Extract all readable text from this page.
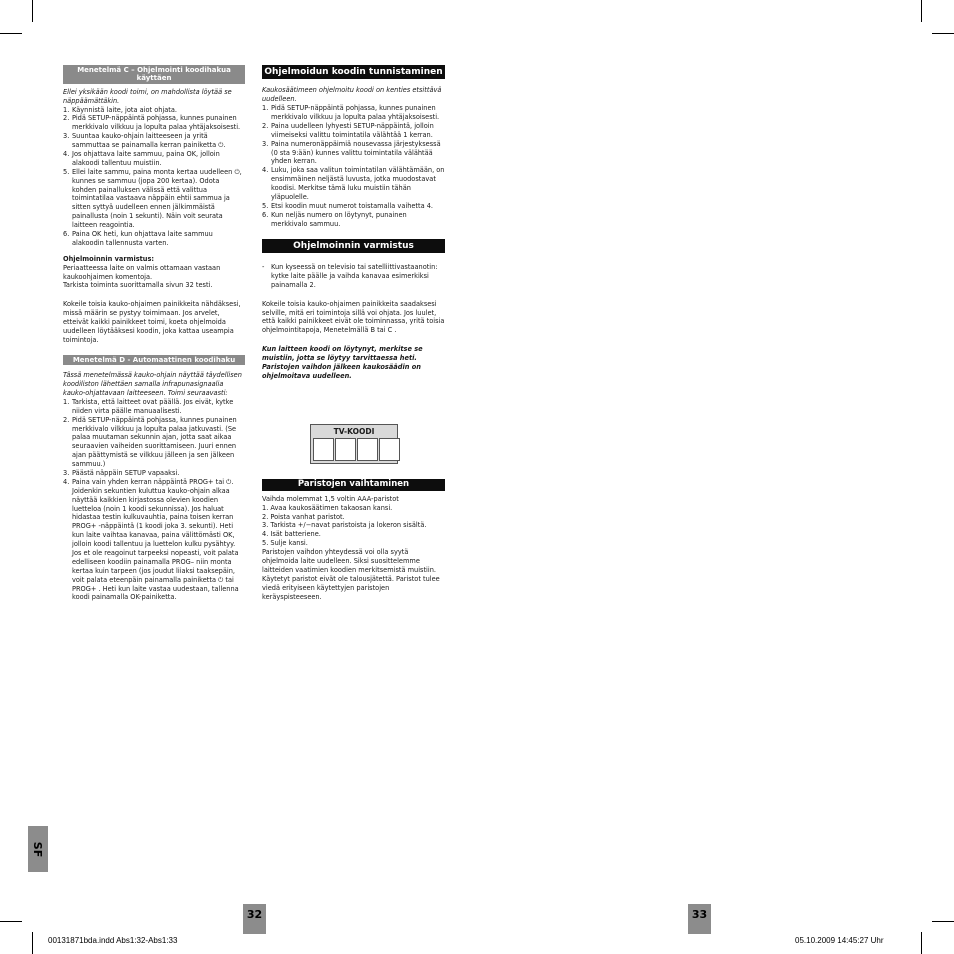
Menetelmä C – Ohjelmointi koodihakua käyttäen

Ellei yksikään koodi toimi, on mahdollista löytää se näppäämättäkin.

1. Käynnistä laite, jota aiot ohjata.
2. Pidä SETUP-näppäintä pohjassa, kunnes punainen merkkivalo vilkkuu ja lopulta palaa yhtäjaksoisesti.
3. Suuntaa kauko-ohjain laitteeseen ja yritä sammuttaa se painamalla kerran painiketta ⏻.
4. Jos ohjattava laite sammuu, paina OK, jolloin alakoodi tallentuu muistiin.
5. Ellei laite sammu, paina monta kertaa uudelleen ⏻, kunnes se sammuu (jopa 200 kertaa). Odota kohden painalluksen välissä että valittua toimintatilaa vastaava näppäin ehtii sammua ja sitten syttyä uudelleen ennen jälkimmäistä painallusta (noin 1 sekunti). Näin voit seurata laitteen reagointia.
6. Paina OK heti, kun ohjattava laite sammuu alakoodin tallennusta varten.

Ohjelmoinnin varmistus:

Periaatteessa laite on valmis ottamaan vastaan kaukoohjaimen komentoja.

Tarkista toiminta suorittamalla sivun 32 testi.

Kokeile toisia kauko-ohjaimen painikkeita nähdäksesi, missä määrin se pystyy toimimaan. Jos arvelet, etteivät kaikki painikkeet toimi, koeta ohjelmoida uudelleen löytääksesi koodin, joka kattaa useampia toimintoja.

Menetelmä D - Automaattinen koodihaku

Tässä menetelmässä kauko-ohjain näyttää täydellisen koodiliston lähettäen samalla infrapunasignaalia kauko-ohjattavaan laitteeseen. Toimi seuraavasti:

1. Tarkista, että laitteet ovat päällä. Jos eivät, kytke niiden virta päälle manuaalisesti.
2. Pidä SETUP-näppäintä pohjassa, kunnes punainen merkkivalo vilkkuu ja lopulta palaa jatkuvasti. (Se palaa muutaman sekunnin ajan, jotta saat aikaa seuraavien vaiheiden suorittamiseen. Juuri ennen ajan päättymistä se vilkkuu jälleen ja sen jälkeen sammuu.)
3. Päästä näppäin SETUP vapaaksi.
4. Paina vain yhden kerran näppäintä PROG+ tai ⏻. Joidenkin sekuntien kuluttua kauko-ohjain alkaa näyttää kaikkien kirjastossa olevien koodien luetteloa (noin 1 koodi sekunnissa). Jos haluat hidastaa testin kulkuvauhtia, paina toisen kerran PROG+ -näppäintä (1 koodi joka 3. sekunti). Heti kun laite vaihtaa kanavaa, paina välittömästi OK, jolloin koodi tallentuu ja luettelon kulku pysähtyy. Jos et ole reagoinut tarpeeksi nopeasti, voit palata edelliseen koodiin painamalla PROG– niin monta kertaa kuin tarpeen (jos joudut liiaksi taaksepäin, voit palata eteenpäin painamalla painiketta ⏻ tai PROG+ . Heti kun laite vastaa uudestaan, tallenna koodi painamalla OK-painiketta.
Ohjelmoidun koodin tunnistaminen

Kaukosäätimeen ohjelmoitu koodi on kenties etsittävä uudelleen.

1. Pidä SETUP-näppäintä pohjassa, kunnes punainen merkkivalo vilkkuu ja lopulta palaa yhtäjaksoisesti.
2. Paina uudelleen lyhyesti SETUP-näppäintä, jolloin viimeiseksi valittu toimintatila välähtää 1 kerran.
3. Paina numeronäppäimiä nousevassa järjestyksessä (0 sta 9:ään) kunnes valittu toimintatila välähtää yhden kerran.
4. Luku, joka saa valitun toimintatilan välähtämään, on ensimmäinen neljästä luvusta, jotka muodostavat koodisi. Merkitse tämä luku muistiin tähän yläpuolelle.
5. Etsi koodin muut numerot toistamalla vaihetta 4.
6. Kun neljäs numero on löytynyt, punainen merkkivalo sammuu.
Ohjelmoinnin varmistus
-	Kun kyseessä on televisio tai satelliittivastaanotin: kytke laite päälle ja vaihda kanavaa esimerkiksi painamalla 2.

Kokeile toisia kauko-ohjaimen painikkeita saadaksesi selville, mitä eri toimintoja sillä voi ohjata. Jos luulet, että kaikki painikkeet eivät ole toiminnassa, yritä toisia ohjelmointitapoja, Menetelmällä B tai C .

Kun laitteen koodi on löytynyt, merkitse se muistiin, jotta se löytyy tarvittaessa heti. Paristojen vaihdon jälkeen kaukosäädin on ohjelmoitava uudelleen.

TV-KOODI
Paristojen vaihtaminen

Vaihda molemmat 1,5 voltin AAA-paristot

1. Avaa kaukosäätimen takaosan kansi.

2. Poista vanhat paristot.

3. Tarkista +/−navat paristoista ja lokeron sisältä.

4. Isät batteriene.

5. Sulje kansi.

Paristojen vaihdon yhteydessä voi olla syytä ohjelmoida laite uudelleen. Siksi suosittelemme laitteiden vaatimien koodien merkitsemistä muistiin. Käytetyt paristot eivät ole talousjätettä. Paristot tulee viedä erityiseen käytettyjen paristojen keräyspisteeseen.

SF
32	33
00131871bda.indd Abs1:32-Abs1:33	05.10.2009 14:45:27 Uhr
